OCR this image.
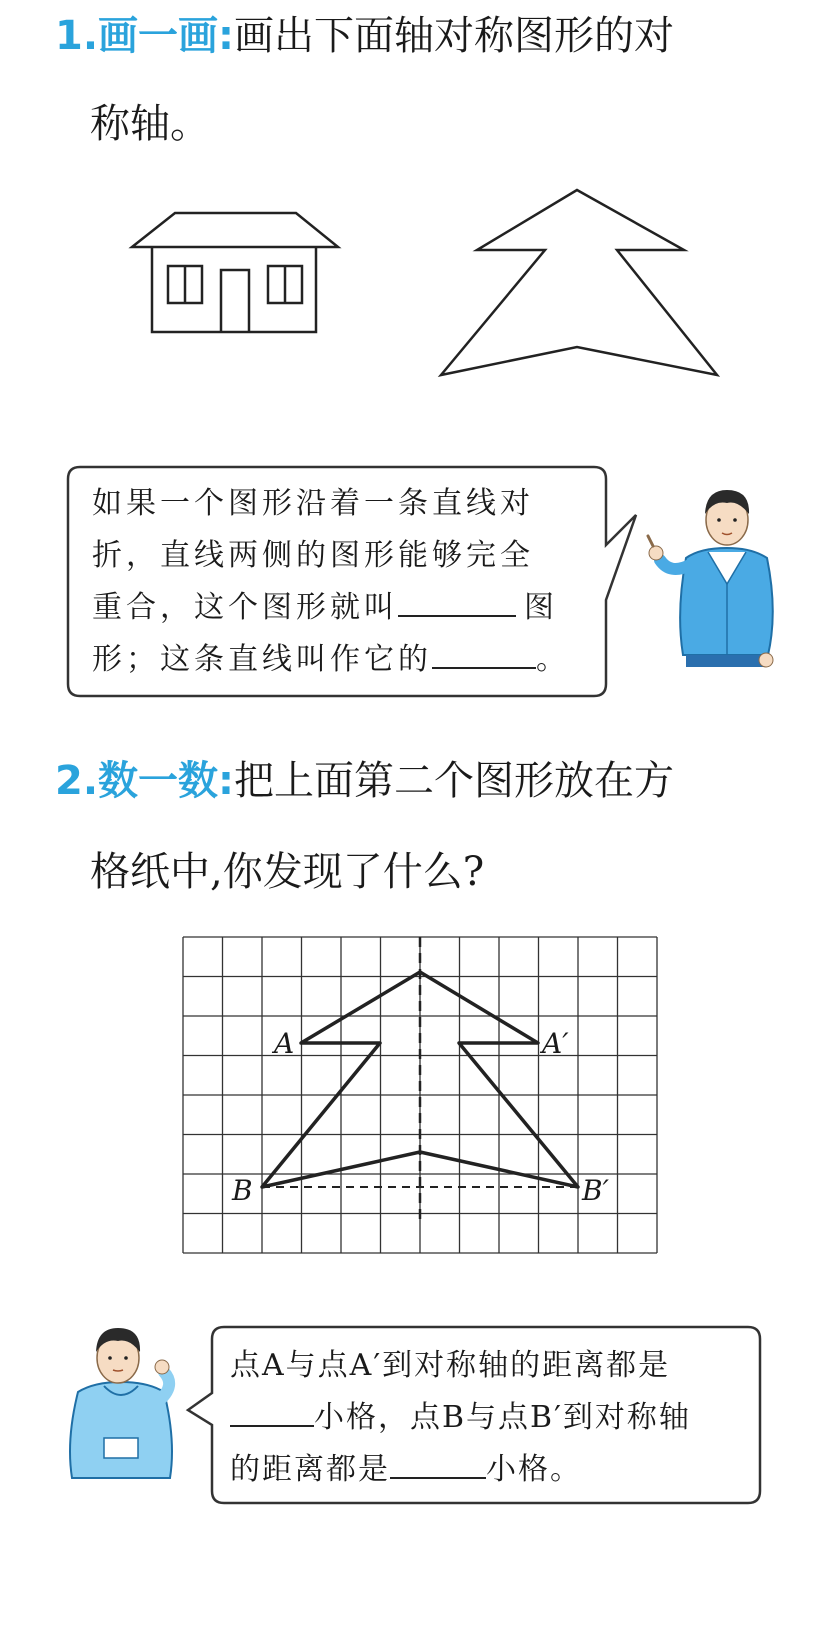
1.画一画:画出下面轴对称图形的对
称轴。
如果一个图形沿着一条直线对
折，直线两侧的图形能够完全
重合，这个图形就叫	图
形；这条直线叫作它的	。
2.数一数:把上面第二个图形放在方
格纸中,你发现了什么?
A	A′
B	B′
点A与点A′到对称轴的距离都是
小格，点B与点B′到对称轴
的距离都是	小格。
